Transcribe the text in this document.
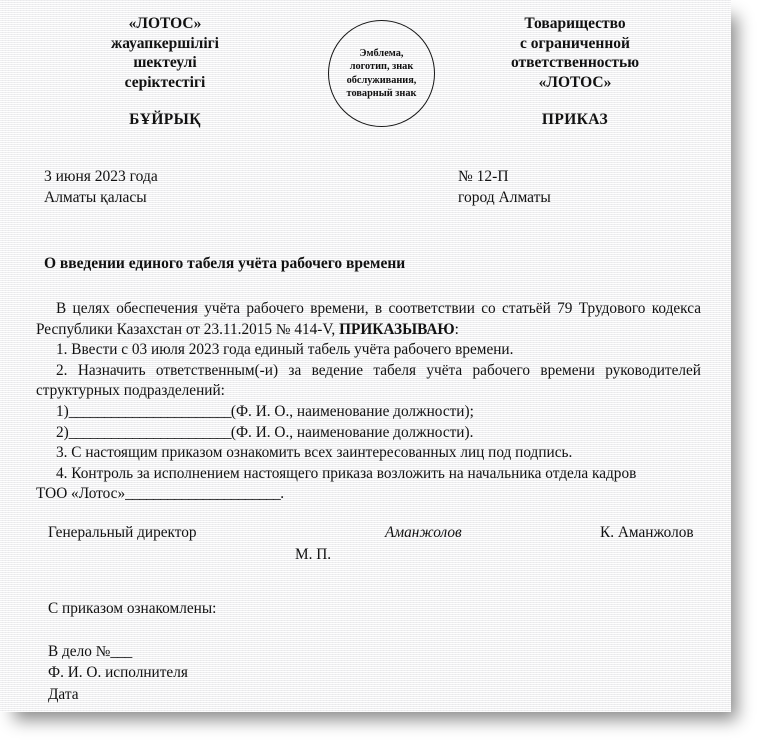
«ЛОТОС»
жауапкершілігі
шектеулі
серіктестігі
БҰЙРЫҚ
Эмблема,
логотип, знак
обслуживания,
товарный знак
Товарищество
с ограниченной
ответственностью
«ЛОТОС»
ПРИКАЗ
3 июня 2023 года
Алматы қаласы
№ 12-П
город Алматы
О введении единого табеля учёта рабочего времени

В целях обеспечения учёта рабочего времени, в соответствии со статьёй 79 Трудового кодекса Республики Казахстан от 23.11.2015 № 414-V, ПРИКАЗЫВАЮ:

1. Ввести с 03 июля 2023 года единый табель учёта рабочего времени.

2. Назначить ответственным(-и) за ведение табеля учёта рабочего времени руководителей структурных подразделений:

1)_______________________(Ф. И. О., наименование должности);

2)_______________________(Ф. И. О., наименование должности).

3. С настоящим приказом ознакомить всех заинтересованных лиц под подпись.

4. Контроль за исполнением настоящего приказа возложить на начальника отдела кадров

ТОО «Лотос»______________________.

Генеральный директор	Аманжолов	К. Аманжолов
М. П.

С приказом ознакомлены:

В дело №___

Ф. И. О. исполнителя

Дата
